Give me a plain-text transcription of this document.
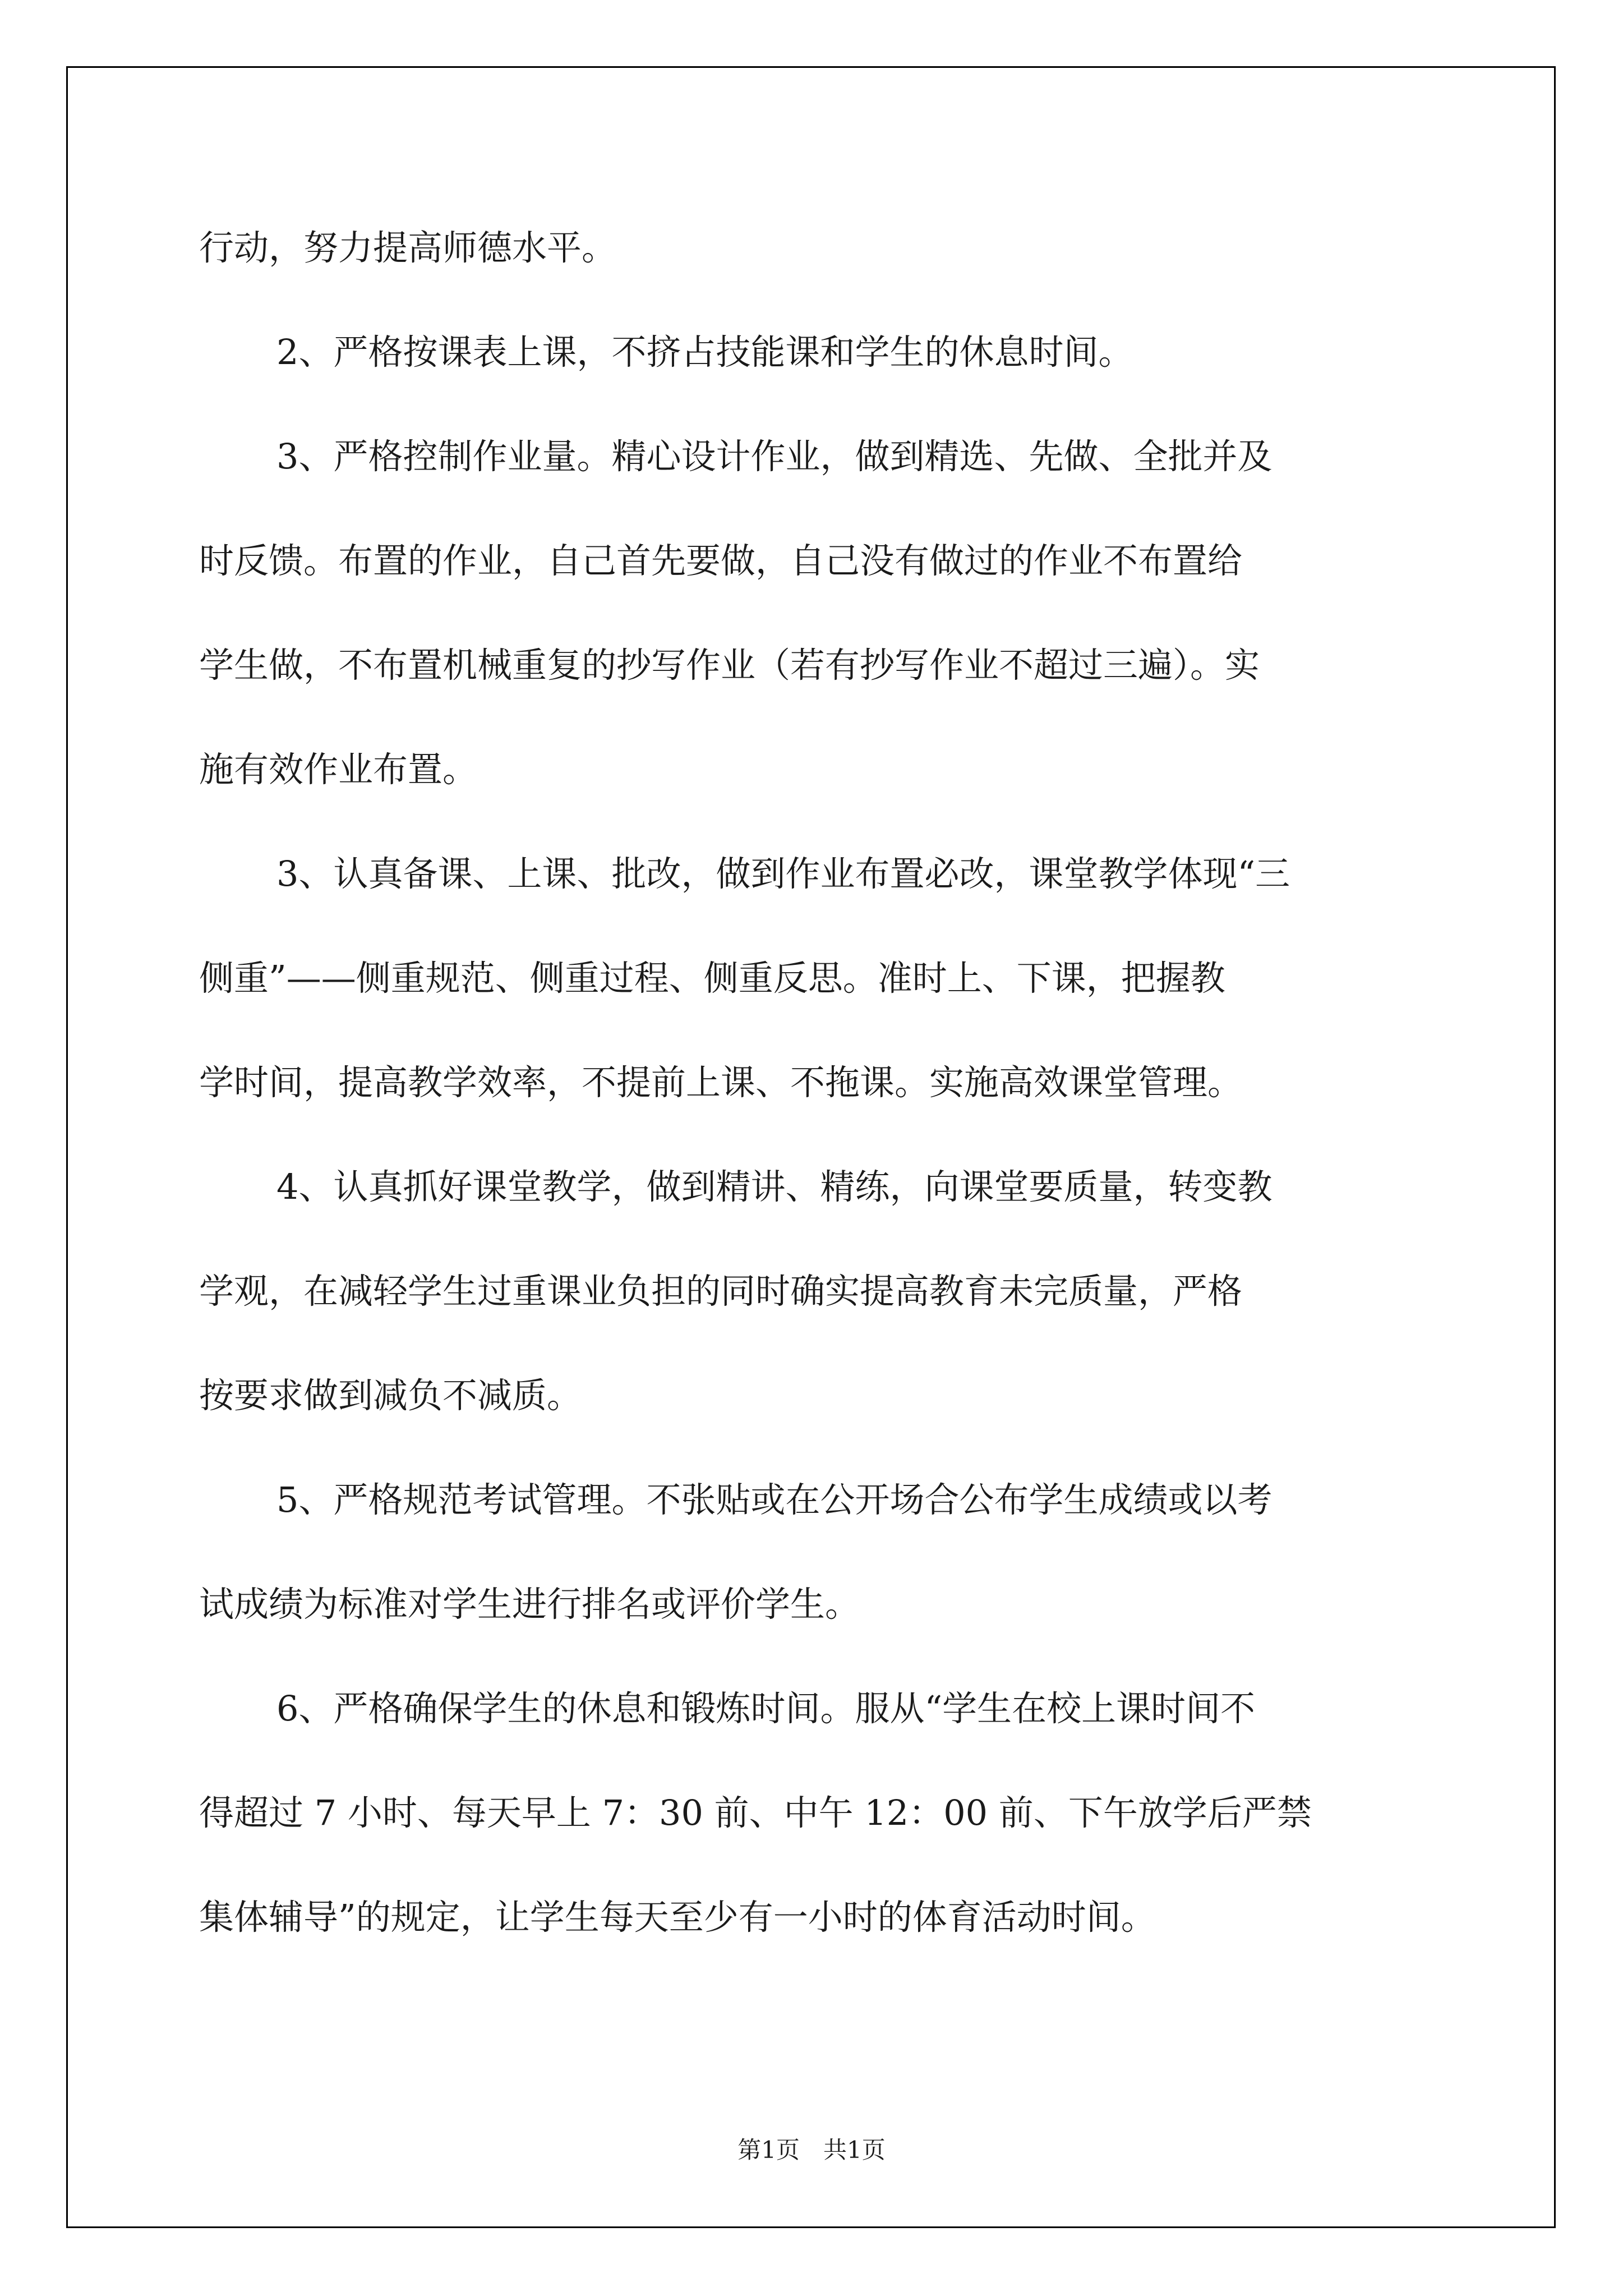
行动，努力提高师德水平。
2、严格按课表上课，不挤占技能课和学生的休息时间。
3、严格控制作业量。精心设计作业，做到精选、先做、全批并及
时反馈。布置的作业，自己首先要做，自己没有做过的作业不布置给
学生做，不布置机械重复的抄写作业（若有抄写作业不超过三遍）。实
施有效作业布置。
3、认真备课、上课、批改，做到作业布置必改，课堂教学体现“三
侧重”——侧重规范、侧重过程、侧重反思。准时上、下课，把握教
学时间，提高教学效率，不提前上课、不拖课。实施高效课堂管理。
4、认真抓好课堂教学，做到精讲、精练，向课堂要质量，转变教
学观，在减轻学生过重课业负担的同时确实提高教育未完质量，严格
按要求做到减负不减质。
5、严格规范考试管理。不张贴或在公开场合公布学生成绩或以考
试成绩为标准对学生进行排名或评价学生。
6、严格确保学生的休息和锻炼时间。服从“学生在校上课时间不
得超过 7 小时、每天早上 7：30 前、中午 12：00 前、下午放学后严禁
集体辅导”的规定，让学生每天至少有一小时的体育活动时间。
第1页　共1页
